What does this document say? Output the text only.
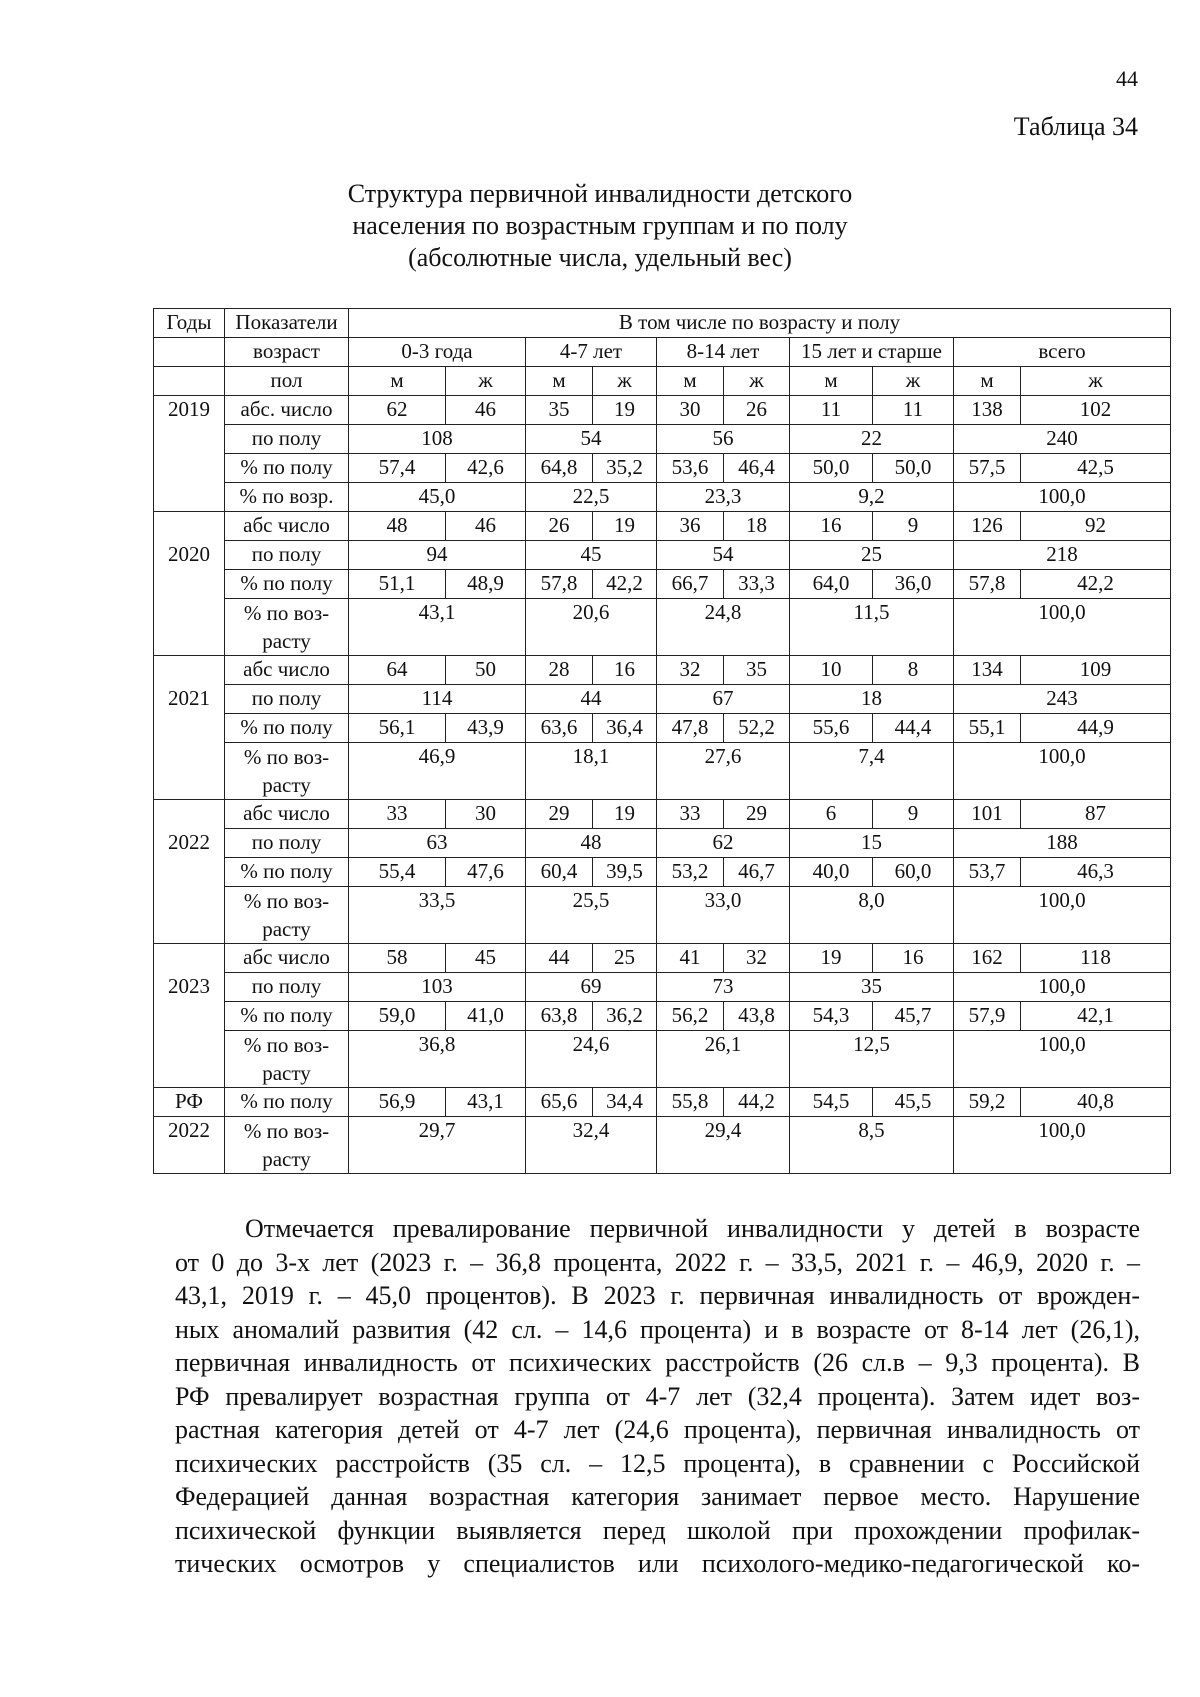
44
Таблица 34
Структура первичной инвалидности детского
населения по возрастным группам и по полу
(абсолютные числа, удельный вес)
Годы	Показатели	В том числе по возрасту и полу									
	возраст	0-3 года		4-7 лет		8-14 лет		15 лет и старше		всего	
	пол	м	ж	м	ж	м	ж	м	ж	м	ж
2019	абс. число	62	46	35	19	30	26	11	11	138	102
	по полу	108		54		56		22		240	
	% по полу	57,4	42,6	64,8	35,2	53,6	46,4	50,0	50,0	57,5	42,5
	% по возр.	45,0		22,5		23,3		9,2		100,0	
	абс число	48	46	26	19	36	18	16	9	126	92
2020	по полу	94		45		54		25		218	
	% по полу	51,1	48,9	57,8	42,2	66,7	33,3	64,0	36,0	57,8	42,2
	% по воз-расту	43,1		20,6		24,8		11,5		100,0	
	абс число	64	50	28	16	32	35	10	8	134	109
2021	по полу	114		44		67		18		243	
	% по полу	56,1	43,9	63,6	36,4	47,8	52,2	55,6	44,4	55,1	44,9
	% по воз-расту	46,9		18,1		27,6		7,4		100,0	
	абс число	33	30	29	19	33	29	6	9	101	87
2022	по полу	63		48		62		15		188	
	% по полу	55,4	47,6	60,4	39,5	53,2	46,7	40,0	60,0	53,7	46,3
	% по воз-расту	33,5		25,5		33,0		8,0		100,0	
	абс число	58	45	44	25	41	32	19	16	162	118
2023	по полу	103		69		73		35		100,0	
	% по полу	59,0	41,0	63,8	36,2	56,2	43,8	54,3	45,7	57,9	42,1
	% по воз-расту	36,8		24,6		26,1		12,5		100,0	
РФ	% по полу	56,9	43,1	65,6	34,4	55,8	44,2	54,5	45,5	59,2	40,8
2022	% по воз-расту	29,7		32,4		29,4		8,5		100,0	
Отмечается превалирование первичной инвалидности у детей в возрасте
от 0 до 3-х лет (2023 г. – 36,8 процента, 2022 г. – 33,5, 2021 г. – 46,9, 2020 г. –
43,1, 2019 г. – 45,0 процентов). В 2023 г. первичная инвалидность от врожден-
ных аномалий развития (42 сл. – 14,6 процента) и в возрасте от 8-14 лет (26,1),
первичная инвалидность от психических расстройств (26 сл.в – 9,3 процента). В
РФ превалирует возрастная группа от 4-7 лет (32,4 процента). Затем идет воз-
растная категория детей от 4-7 лет (24,6 процента), первичная инвалидность от
психических расстройств (35 сл. – 12,5 процента), в сравнении с Российской
Федерацией данная возрастная категория занимает первое место. Нарушение
психической функции выявляется перед школой при прохождении профилак-
тических осмотров у специалистов или психолого-медико-педагогической ко-
